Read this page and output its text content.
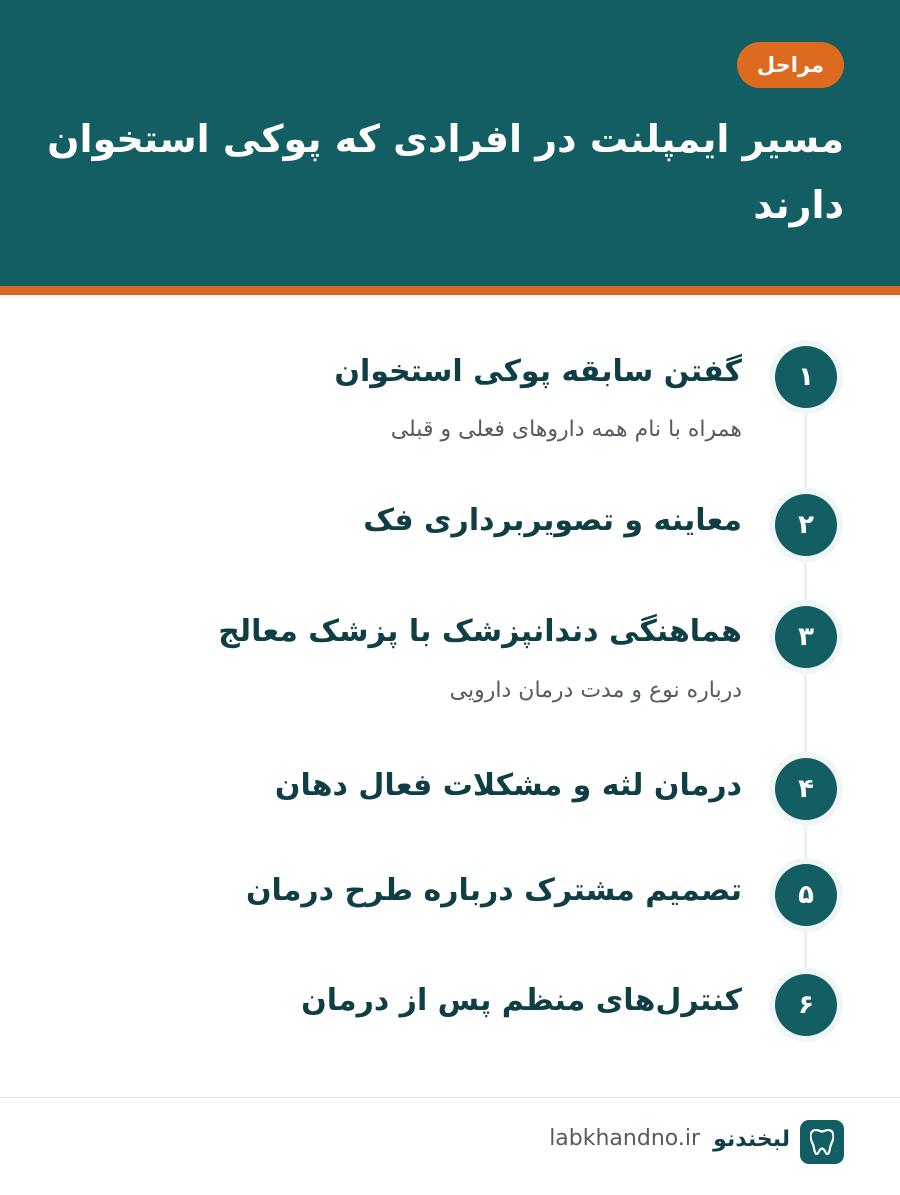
مراحل
مسیر ایمپلنت در افرادی که پوکی استخوان دارند
۱

گفتن سابقه پوکی استخوان

همراه با نام همه داروهای فعلی و قبلی

۲

معاینه و تصویربرداری فک

۳

هماهنگی دندانپزشک با پزشک معالج

درباره نوع و مدت درمان دارویی

۴

درمان لثه و مشکلات فعال دهان

۵

تصمیم مشترک درباره طرح درمان

۶

کنترل‌های منظم پس از درمان

لبخندنو
labkhandno.ir
